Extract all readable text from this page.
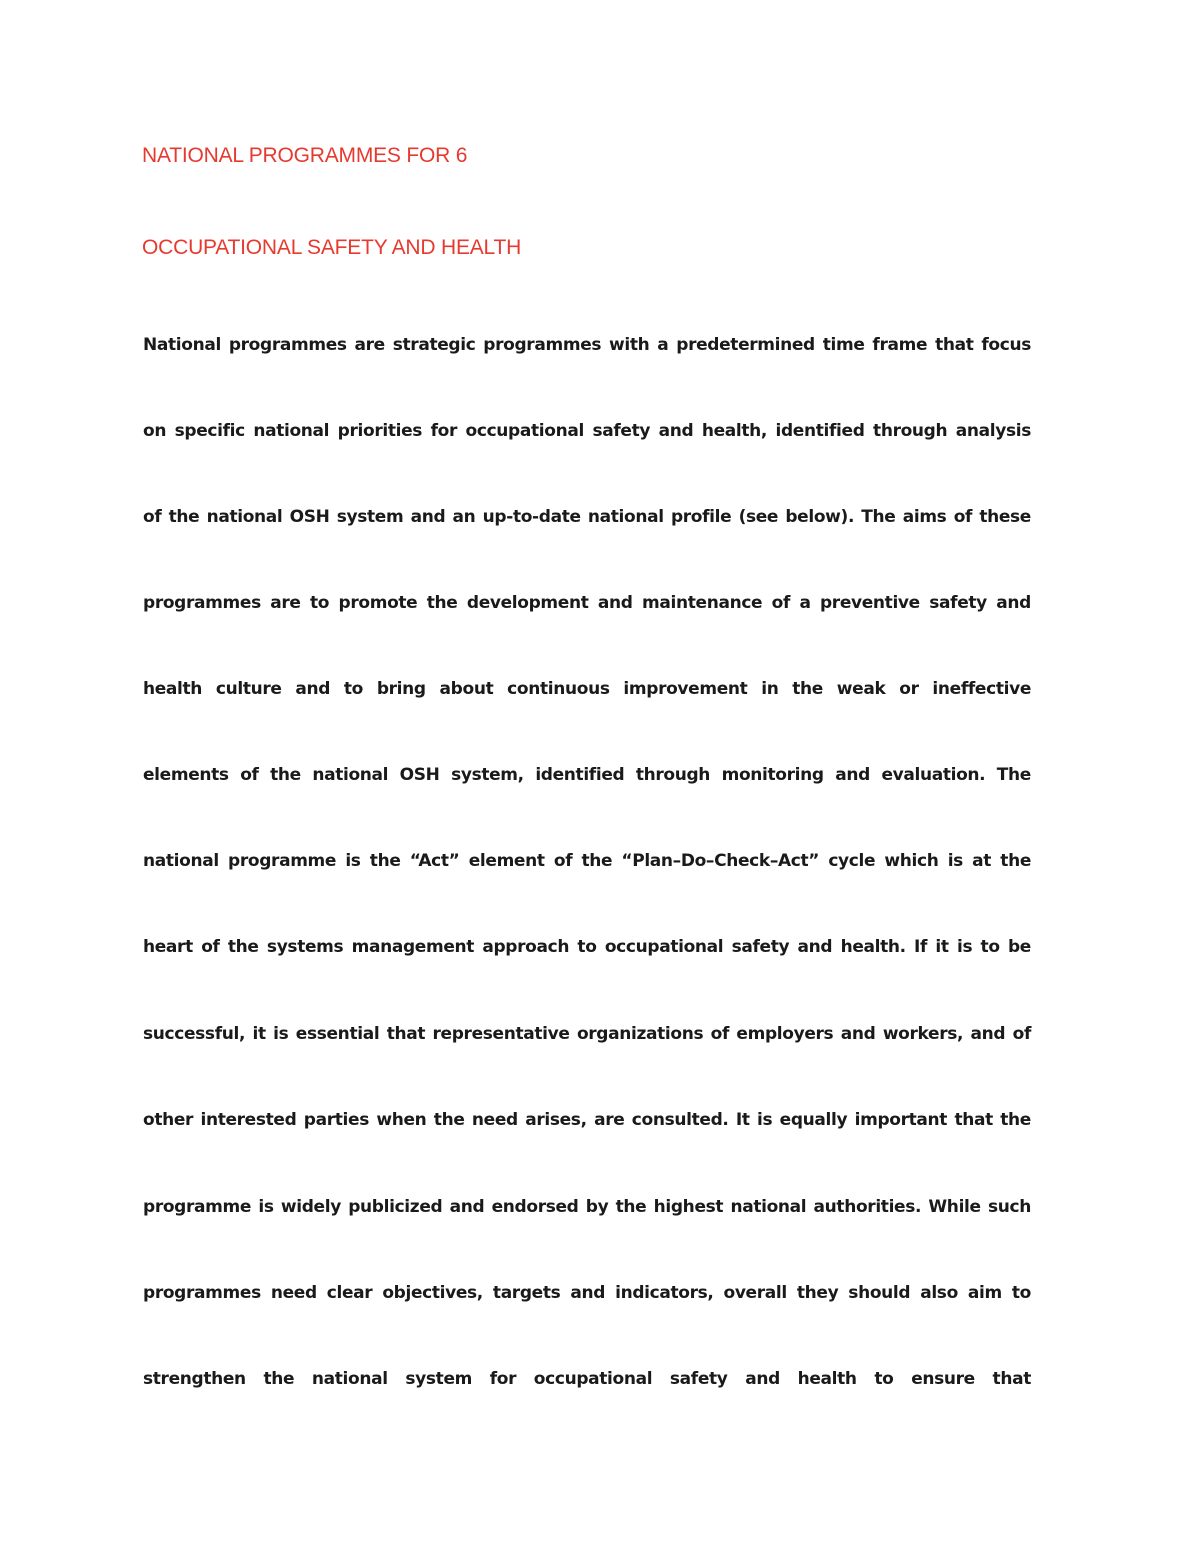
NATIONAL PROGRAMMES FOR 6
OCCUPATIONAL SAFETY AND HEALTH

National programmes are strategic programmes with a predetermined time frame that focus

on specific national priorities for occupational safety and health, identified through analysis

of the national OSH system and an up-to-date national profile (see below). The aims of these

programmes are to promote the development and maintenance of a preventive safety and

health culture and to bring about continuous improvement in the weak or ineffective

elements of the national OSH system, identified through monitoring and evaluation. The

national programme is the “Act” element of the “Plan–Do–Check–Act” cycle which is at the

heart of the systems management approach to occupational safety and health. If it is to be

successful, it is essential that representative organizations of employers and workers, and of

other interested parties when the need arises, are consulted. It is equally important that the

programme is widely publicized and endorsed by the highest national authorities. While such

programmes need clear objectives, targets and indicators, overall they should also aim to

strengthen the national system for occupational safety and health to ensure that
